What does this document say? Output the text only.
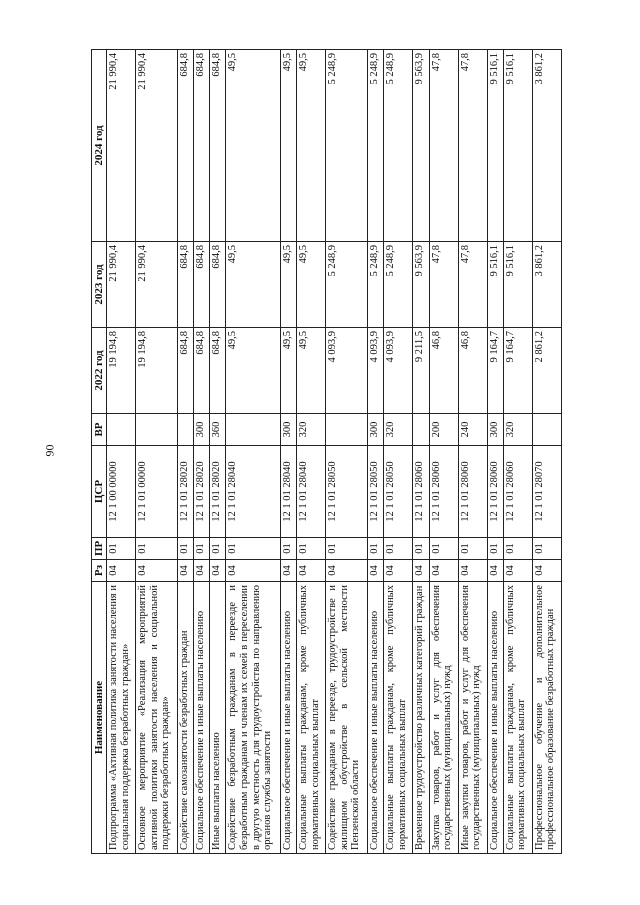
90
Наименование	Рз	ПР	ЦСР	ВР	2022 год	2023 год	2024 год
Подпрограмма «Активная политика занятости населения и социальная поддержка безработных граждан»	04	01	12 1 00 00000		19 194,8	21 990,4	21 990,4
Основное мероприятие «Реализация мероприятий активной политики занятости населения и социальной поддержки безработных граждан»	04	01	12 1 01 00000		19 194,8	21 990,4	21 990,4
Содействие самозанятости безработных граждан	04	01	12 1 01 28020		684,8	684,8	684,8
Социальное обеспечение и иные выплаты населению	04	01	12 1 01 28020	300	684,8	684,8	684,8
Иные выплаты населению	04	01	12 1 01 28020	360	684,8	684,8	684,8
Содействие безработным гражданам в переезде и безработным гражданам и членам их семей в переселении в другую местность для трудоустройства по направлению органов службы занятости	04	01	12 1 01 28040		49,5	49,5	49,5
Социальное обеспечение и иные выплаты населению	04	01	12 1 01 28040	300	49,5	49,5	49,5
Социальные выплаты гражданам, кроме публичных нормативных социальных выплат	04	01	12 1 01 28040	320	49,5	49,5	49,5
Содействие гражданам в переезде, трудоустройстве и жилищном обустройстве в сельской местности Пензенской области	04	01	12 1 01 28050		4 093,9	5 248,9	5 248,9
Социальное обеспечение и иные выплаты населению	04	01	12 1 01 28050	300	4 093,9	5 248,9	5 248,9
Социальные выплаты гражданам, кроме публичных нормативных социальных выплат	04	01	12 1 01 28050	320	4 093,9	5 248,9	5 248,9
Временное трудоустройство различных категорий граждан	04	01	12 1 01 28060		9 211,5	9 563,9	9 563,9
Закупка товаров, работ и услуг для обеспечения государственных (муниципальных) нужд	04	01	12 1 01 28060	200	46,8	47,8	47,8
Иные закупки товаров, работ и услуг для обеспечения государственных (муниципальных) нужд	04	01	12 1 01 28060	240	46,8	47,8	47,8
Социальное обеспечение и иные выплаты населению	04	01	12 1 01 28060	300	9 164,7	9 516,1	9 516,1
Социальные выплаты гражданам, кроме публичных нормативных социальных выплат	04	01	12 1 01 28060	320	9 164,7	9 516,1	9 516,1
Профессиональное обучение и дополнительное профессиональное образование безработных граждан	04	01	12 1 01 28070		2 861,2	3 861,2	3 861,2
